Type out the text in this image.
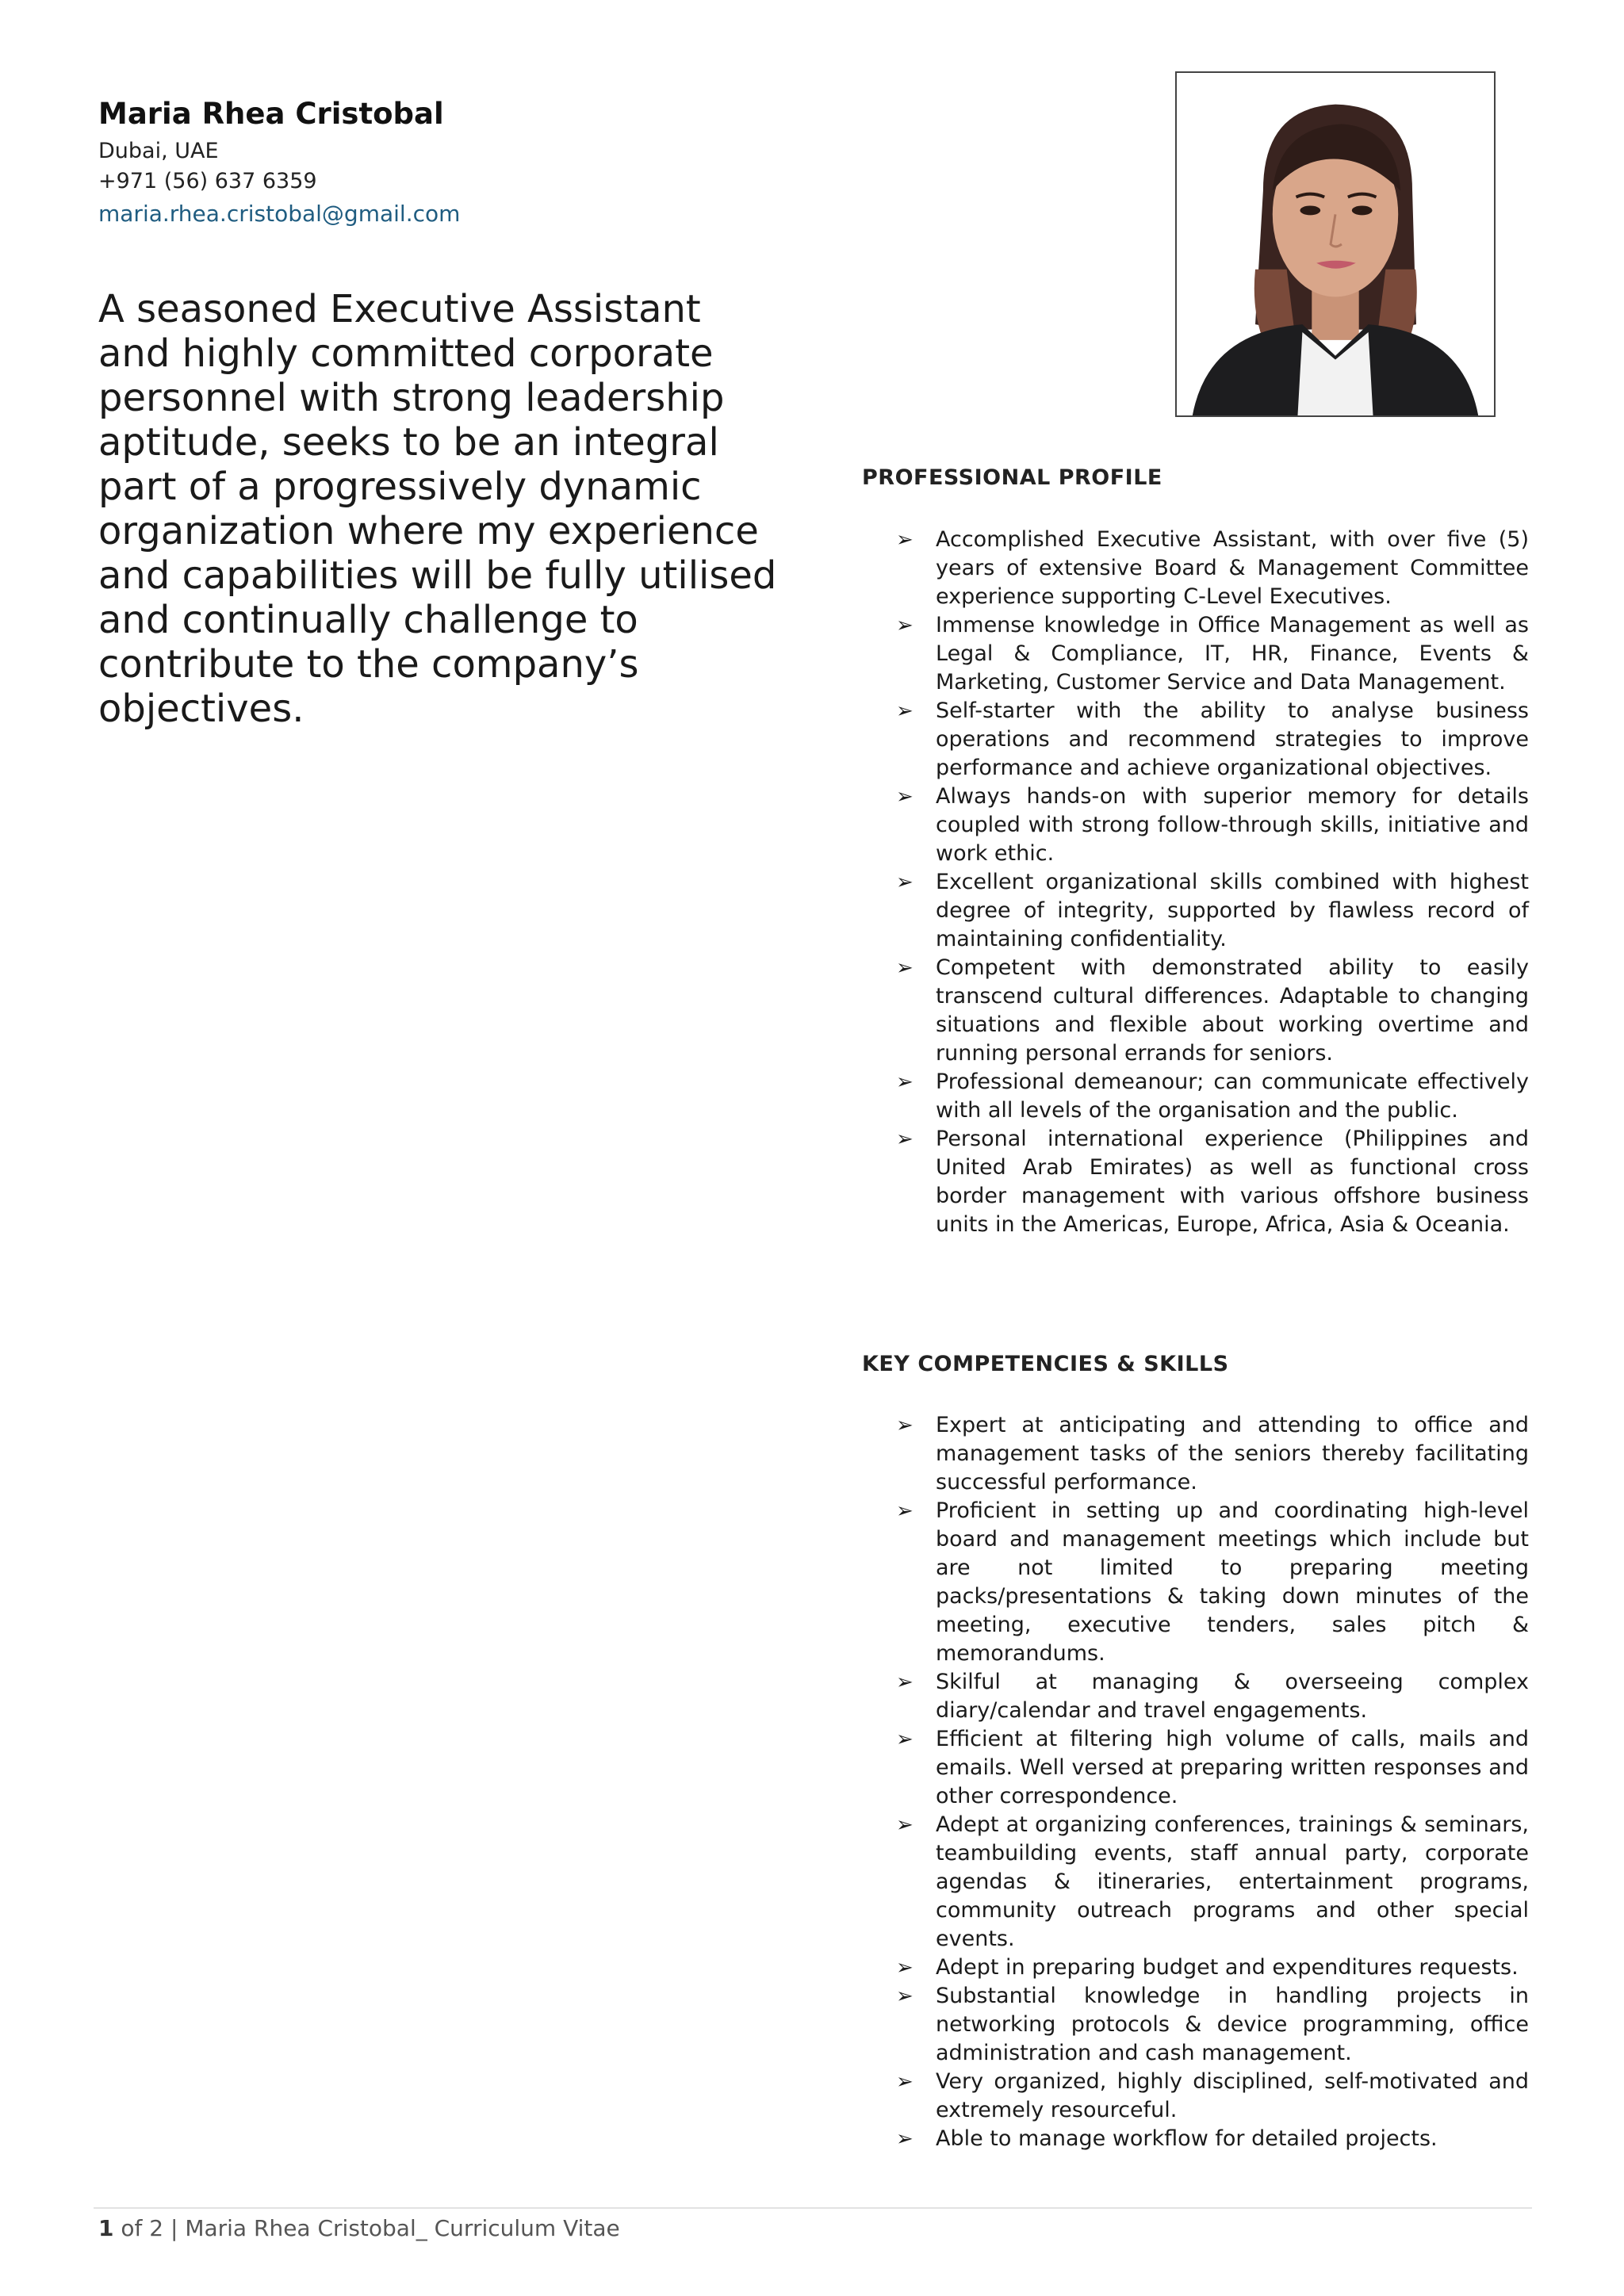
Maria Rhea Cristobal
Dubai, UAE
+971 (56) 637 6359
maria.rhea.cristobal@gmail.com
A seasoned Executive Assistant and highly committed corporate personnel with strong leadership aptitude, seeks to be an integral part of a progressively dynamic organization where my experience and capabilities will be fully utilised and continually challenge to contribute to the company’s objectives.
PROFESSIONAL PROFILE
➢	Accomplished Executive Assistant, with over five (5) years of extensive Board & Management Committee experience supporting C-Level Executives.
➢	Immense knowledge in Office Management as well as Legal & Compliance, IT, HR, Finance, Events & Marketing, Customer Service and Data Management.
➢	Self-starter with the ability to analyse business operations and recommend strategies to improve performance and achieve organizational objectives.
➢	Always hands-on with superior memory for details coupled with strong follow-through skills, initiative and work ethic.
➢	Excellent organizational skills combined with highest degree of integrity, supported by flawless record of maintaining confidentiality.
➢	Competent with demonstrated ability to easily transcend cultural differences. Adaptable to changing situations and flexible about working overtime and running personal errands for seniors.
➢	Professional demeanour; can communicate effectively with all levels of the organisation and the public.
➢	Personal international experience (Philippines and United Arab Emirates) as well as functional cross border management with various offshore business units in the Americas, Europe, Africa, Asia & Oceania.
KEY COMPETENCIES & SKILLS
➢	Expert at anticipating and attending to office and management tasks of the seniors thereby facilitating successful performance.
➢	Proficient in setting up and coordinating high-level board and management meetings which include but are not limited to preparing meeting packs/presentations & taking down minutes of the meeting, executive tenders, sales pitch & memorandums.
➢	Skilful at managing & overseeing complex diary/calendar and travel engagements.
➢	Efficient at filtering high volume of calls, mails and emails. Well versed at preparing written responses and other correspondence.
➢	Adept at organizing conferences, trainings & seminars, teambuilding events, staff annual party, corporate agendas & itineraries, entertainment programs, community outreach programs and other special events.
➢	Adept in preparing budget and expenditures requests.
➢	Substantial knowledge in handling projects in networking protocols & device programming, office administration and cash management.
➢	Very organized, highly disciplined, self-motivated and extremely resourceful.
➢	Able to manage workflow for detailed projects.
1 of 2 | Maria Rhea Cristobal_ Curriculum Vitae
